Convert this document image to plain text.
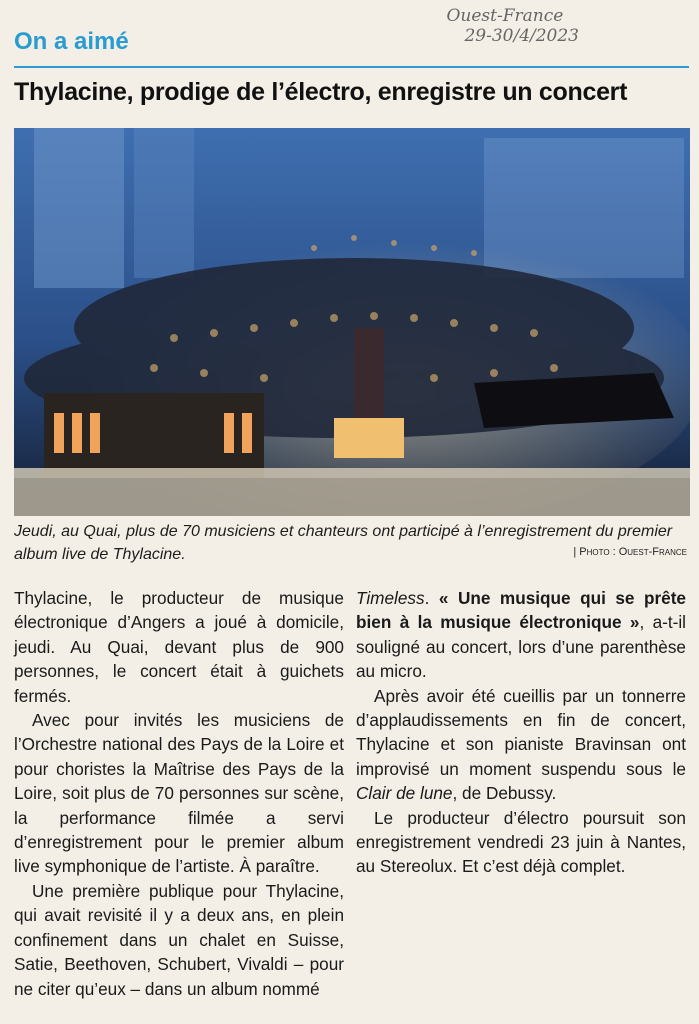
Ouest-France
29-30/4/2023
On a aimé
Thylacine, prodige de l’électro, enregistre un concert
Jeudi, au Quai, plus de 70 musiciens et chanteurs ont participé à l’enregistrement du premier album live de Thylacine.	| Photo : Ouest-France

Thylacine, le producteur de musique électronique d’Angers a joué à domicile, jeudi. Au Quai, devant plus de 900 personnes, le concert était à guichets fermés.

Avec pour invités les musiciens de l’Orchestre national des Pays de la Loire et pour choristes la Maîtrise des Pays de la Loire, soit plus de 70 personnes sur scène, la performance filmée a servi d’enregistrement pour le premier album live symphonique de l’artiste. À paraître.

Une première publique pour Thylacine, qui avait revisité il y a deux ans, en plein confinement dans un chalet en Suisse, Satie, Beethoven, Schubert, Vivaldi – pour ne citer qu’eux – dans un album nommé

Timeless. « Une musique qui se prête bien à la musique électronique », a-t-il souligné au concert, lors d’une parenthèse au micro.

Après avoir été cueillis par un tonnerre d’applaudissements en fin de concert, Thylacine et son pianiste Bravinsan ont improvisé un moment suspendu sous le Clair de lune, de Debussy.

Le producteur d’électro poursuit son enregistrement vendredi 23 juin à Nantes, au Stereolux. Et c’est déjà complet.
